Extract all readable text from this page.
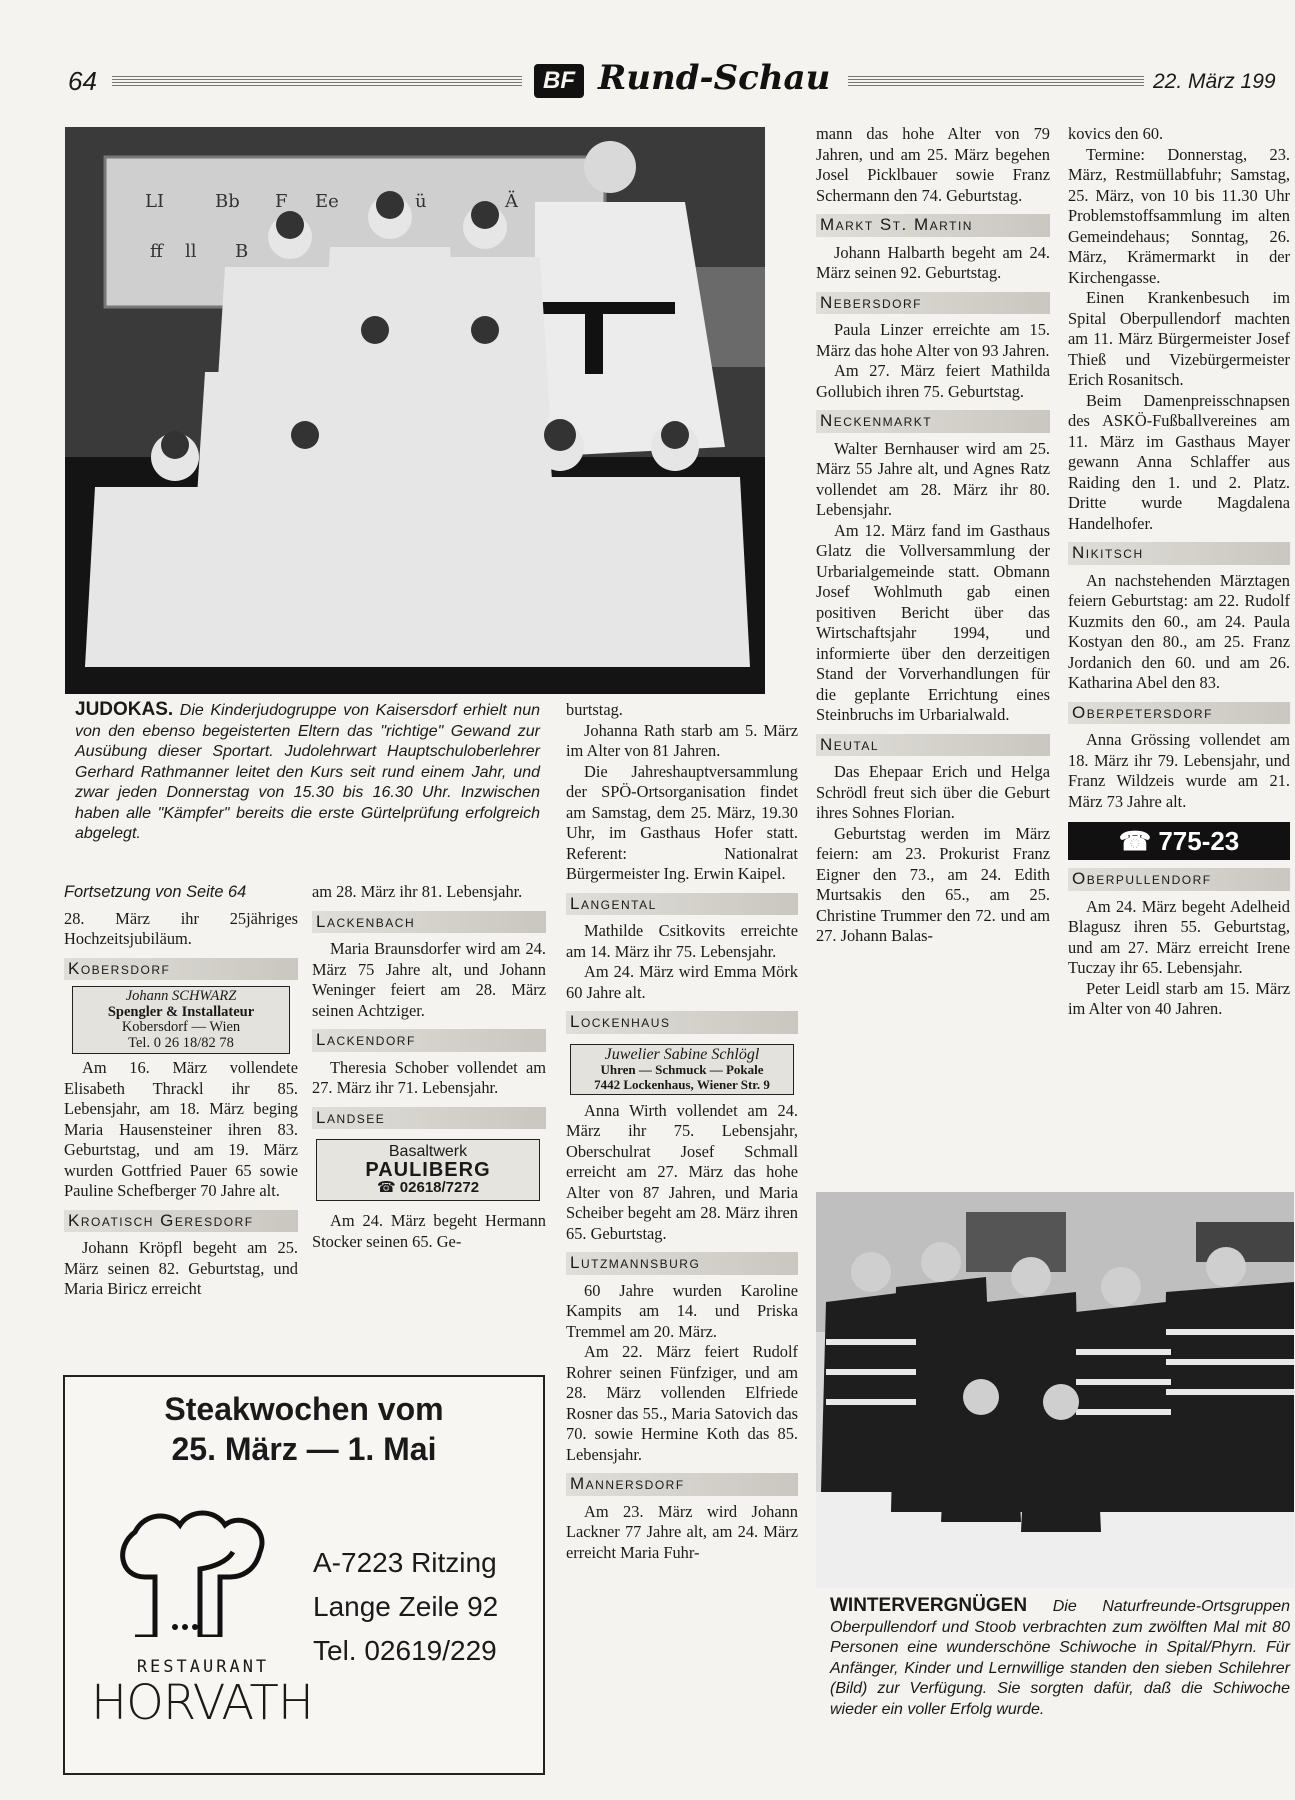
64	BF Rund-Schau	22. März 199
LI	Bb F Ee	ü	Ä
ff ll B
JUDOKAS. Die Kinderjudogruppe von Kaisersdorf erhielt nun von den ebenso begeisterten Eltern das "richtige" Gewand zur Ausübung dieser Sportart. Judolehrwart Hauptschuloberlehrer Gerhard Rathmanner leitet den Kurs seit rund einem Jahr, und zwar jeden Donnerstag von 15.30 bis 16.30 Uhr. Inzwischen haben alle "Kämpfer" bereits die erste Gürtelprüfung erfolgreich abgelegt.

Fortsetzung von Seite 64

28. März ihr 25jähriges Hochzeitsjubiläum.

Kobersdorf
Johann SCHWARZ
Spengler & Installateur
Kobersdorf — Wien
Tel. 0 26 18/82 78

Am 16. März vollendete Elisabeth Thrackl ihr 85. Lebensjahr, am 18. März beging Maria Hausensteiner ihren 83. Geburtstag, und am 19. März wurden Gottfried Pauer 65 sowie Pauline Schefberger 70 Jahre alt.

Kroatisch Geresdorf

Johann Kröpfl begeht am 25. März seinen 82. Geburtstag, und Maria Biricz erreicht

am 28. März ihr 81. Lebensjahr.

Lackenbach

Maria Braunsdorfer wird am 24. März 75 Jahre alt, und Johann Weninger feiert am 28. März seinen Achtziger.

Lackendorf

Theresia Schober vollendet am 27. März ihr 71. Lebensjahr.

Landsee
Basaltwerk
PAULIBERG
☎ 02618/7272

Am 24. März begeht Hermann Stocker seinen 65. Ge-

burtstag.

Johanna Rath starb am 5. März im Alter von 81 Jahren.

Die Jahreshauptversammlung der SPÖ-Ortsorganisation findet am Samstag, dem 25. März, 19.30 Uhr, im Gasthaus Hofer statt. Referent: Nationalrat Bürgermeister Ing. Erwin Kaipel.

Langental

Mathilde Csitkovits erreichte am 14. März ihr 75. Lebensjahr.

Am 24. März wird Emma Mörk 60 Jahre alt.

Lockenhaus
Juwelier Sabine Schlögl
Uhren — Schmuck — Pokale
7442 Lockenhaus, Wiener Str. 9

Anna Wirth vollendet am 24. März ihr 75. Lebensjahr, Oberschulrat Josef Schmall erreicht am 27. März das hohe Alter von 87 Jahren, und Maria Scheiber begeht am 28. März ihren 65. Geburtstag.

Lutzmannsburg

60 Jahre wurden Karoline Kampits am 14. und Priska Tremmel am 20. März.

Am 22. März feiert Rudolf Rohrer seinen Fünfziger, und am 28. März vollenden Elfriede Rosner das 55., Maria Satovich das 70. sowie Hermine Koth das 85. Lebensjahr.

Mannersdorf

Am 23. März wird Johann Lackner 77 Jahre alt, am 24. März erreicht Maria Fuhr-

mann das hohe Alter von 79 Jahren, und am 25. März begehen Josel Picklbauer sowie Franz Schermann den 74. Geburtstag.

Markt St. Martin

Johann Halbarth begeht am 24. März seinen 92. Geburtstag.

Nebersdorf

Paula Linzer erreichte am 15. März das hohe Alter von 93 Jahren.

Am 27. März feiert Mathilda Gollubich ihren 75. Geburtstag.

Neckenmarkt

Walter Bernhauser wird am 25. März 55 Jahre alt, und Agnes Ratz vollendet am 28. März ihr 80. Lebensjahr.

Am 12. März fand im Gasthaus Glatz die Vollversammlung der Urbarialgemeinde statt. Obmann Josef Wohlmuth gab einen positiven Bericht über das Wirtschaftsjahr 1994, und informierte über den derzeitigen Stand der Vorverhandlungen für die geplante Errichtung eines Steinbruchs im Urbarialwald.

Neutal

Das Ehepaar Erich und Helga Schrödl freut sich über die Geburt ihres Sohnes Florian.

Geburtstag werden im März feiern: am 23. Prokurist Franz Eigner den 73., am 24. Edith Murtsakis den 65., am 25. Christine Trummer den 72. und am 27. Johann Balas-

kovics den 60.

Termine: Donnerstag, 23. März, Restmüllabfuhr; Samstag, 25. März, von 10 bis 11.30 Uhr Problemstoffsammlung im alten Gemeindehaus; Sonntag, 26. März, Krämermarkt in der Kirchengasse.

Einen Krankenbesuch im Spital Oberpullendorf machten am 11. März Bürgermeister Josef Thieß und Vizebürgermeister Erich Rosanitsch.

Beim Damenpreisschnapsen des ASKÖ-Fußballvereines am 11. März im Gasthaus Mayer gewann Anna Schlaffer aus Raiding den 1. und 2. Platz. Dritte wurde Magdalena Handelhofer.

Nikitsch

An nachstehenden Märztagen feiern Geburtstag: am 22. Rudolf Kuzmits den 60., am 24. Paula Kostyan den 80., am 25. Franz Jordanich den 60. und am 26. Katharina Abel den 83.

Oberpetersdorf

Anna Grössing vollendet am 18. März ihr 79. Lebensjahr, und Franz Wildzeis wurde am 21. März 73 Jahre alt.

☎ 775-23
Oberpullendorf

Am 24. März begeht Adelheid Blagusz ihren 55. Geburtstag, und am 27. März erreicht Irene Tuczay ihr 65. Lebensjahr.

Peter Leidl starb am 15. März im Alter von 40 Jahren.

Steakwochen vom
25. März — 1. Mai
RESTAURANT
HORVATH
A-7223 Ritzing
Lange Zeile 92
Tel. 02619/229
WINTERVERGNÜGEN Die Naturfreunde-Ortsgruppen Oberpullendorf und Stoob verbrachten zum zwölften Mal mit 80 Personen eine wunderschöne Schiwoche in Spital/Phyrn. Für Anfänger, Kinder und Lernwillige standen den sieben Schilehrer (Bild) zur Verfügung. Sie sorgten dafür, daß die Schiwoche wieder ein voller Erfolg wurde.
